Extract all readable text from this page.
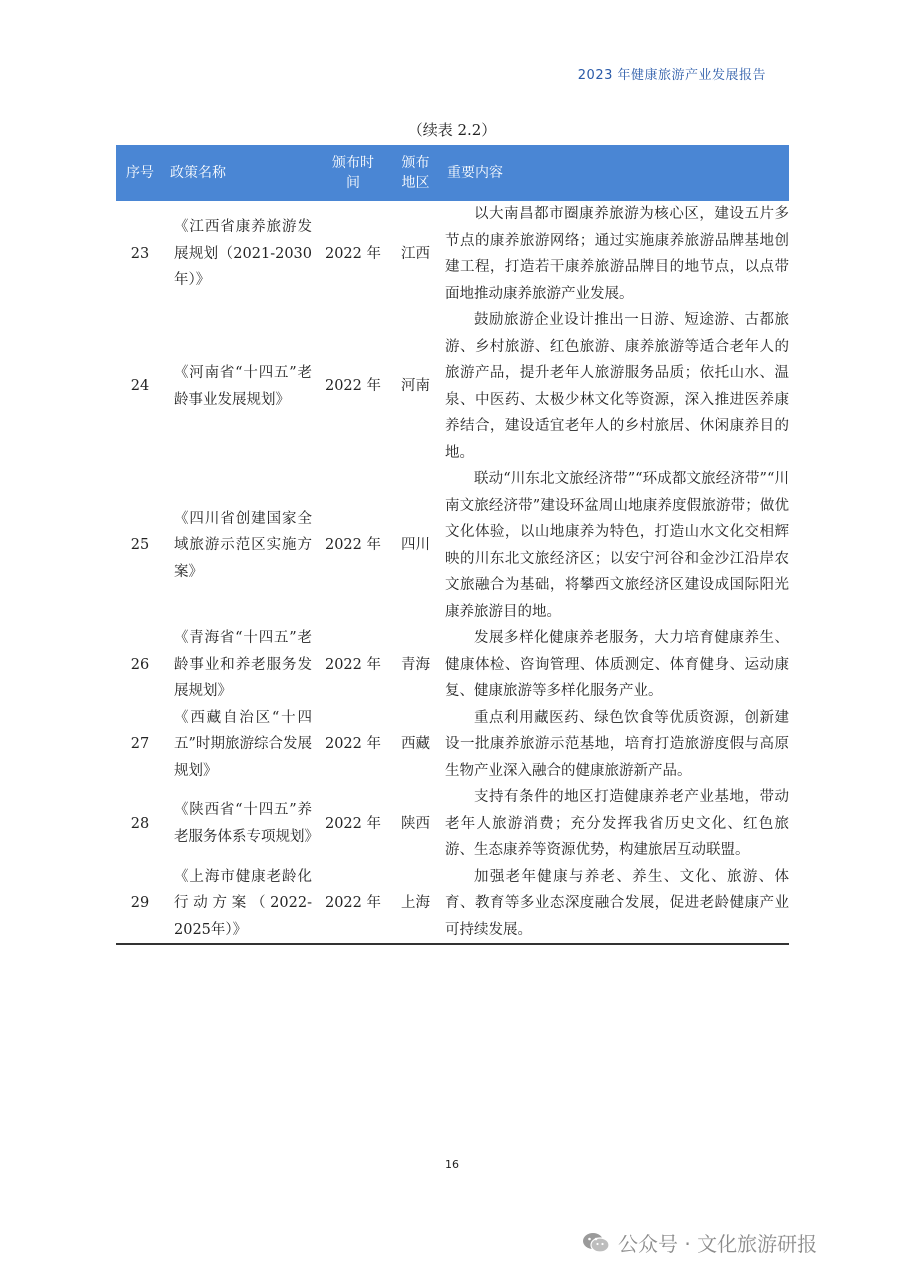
2023 年健康旅游产业发展报告
（续表 2.2）
序号	政策名称	颁布时间	颁布地区	重要内容
23	《江西省康养旅游发展规划（2021-2030年）》	2022 年	江西	以大南昌都市圈康养旅游为核心区，建设五片多节点的康养旅游网络；通过实施康养旅游品牌基地创建工程，打造若干康养旅游品牌目的地节点，以点带面地推动康养旅游产业发展。
24	《河南省“十四五”老龄事业发展规划》	2022 年	河南	鼓励旅游企业设计推出一日游、短途游、古都旅游、乡村旅游、红色旅游、康养旅游等适合老年人的旅游产品，提升老年人旅游服务品质；依托山水、温泉、中医药、太极少林文化等资源，深入推进医养康养结合，建设适宜老年人的乡村旅居、休闲康养目的地。
25	《四川省创建国家全域旅游示范区实施方案》	2022 年	四川	联动“川东北文旅经济带”“环成都文旅经济带”“川南文旅经济带”建设环盆周山地康养度假旅游带；做优文化体验，以山地康养为特色，打造山水文化交相辉映的川东北文旅经济区；以安宁河谷和金沙江沿岸农文旅融合为基础，将攀西文旅经济区建设成国际阳光康养旅游目的地。
26	《青海省“十四五”老龄事业和养老服务发展规划》	2022 年	青海	发展多样化健康养老服务，大力培育健康养生、健康体检、咨询管理、体质测定、体育健身、运动康复、健康旅游等多样化服务产业。
27	《西藏自治区“十四五”时期旅游综合发展规划》	2022 年	西藏	重点利用藏医药、绿色饮食等优质资源，创新建设一批康养旅游示范基地，培育打造旅游度假与高原生物产业深入融合的健康旅游新产品。
28	《陕西省“十四五”养老服务体系专项规划》	2022 年	陕西	支持有条件的地区打造健康养老产业基地，带动老年人旅游消费；充分发挥我省历史文化、红色旅游、生态康养等资源优势，构建旅居互动联盟。
29	《上海市健康老龄化行动方案（2022-2025年）》	2022 年	上海	加强老年健康与养老、养生、文化、旅游、体育、教育等多业态深度融合发展，促进老龄健康产业可持续发展。
16
公众号 · 文化旅游研报
